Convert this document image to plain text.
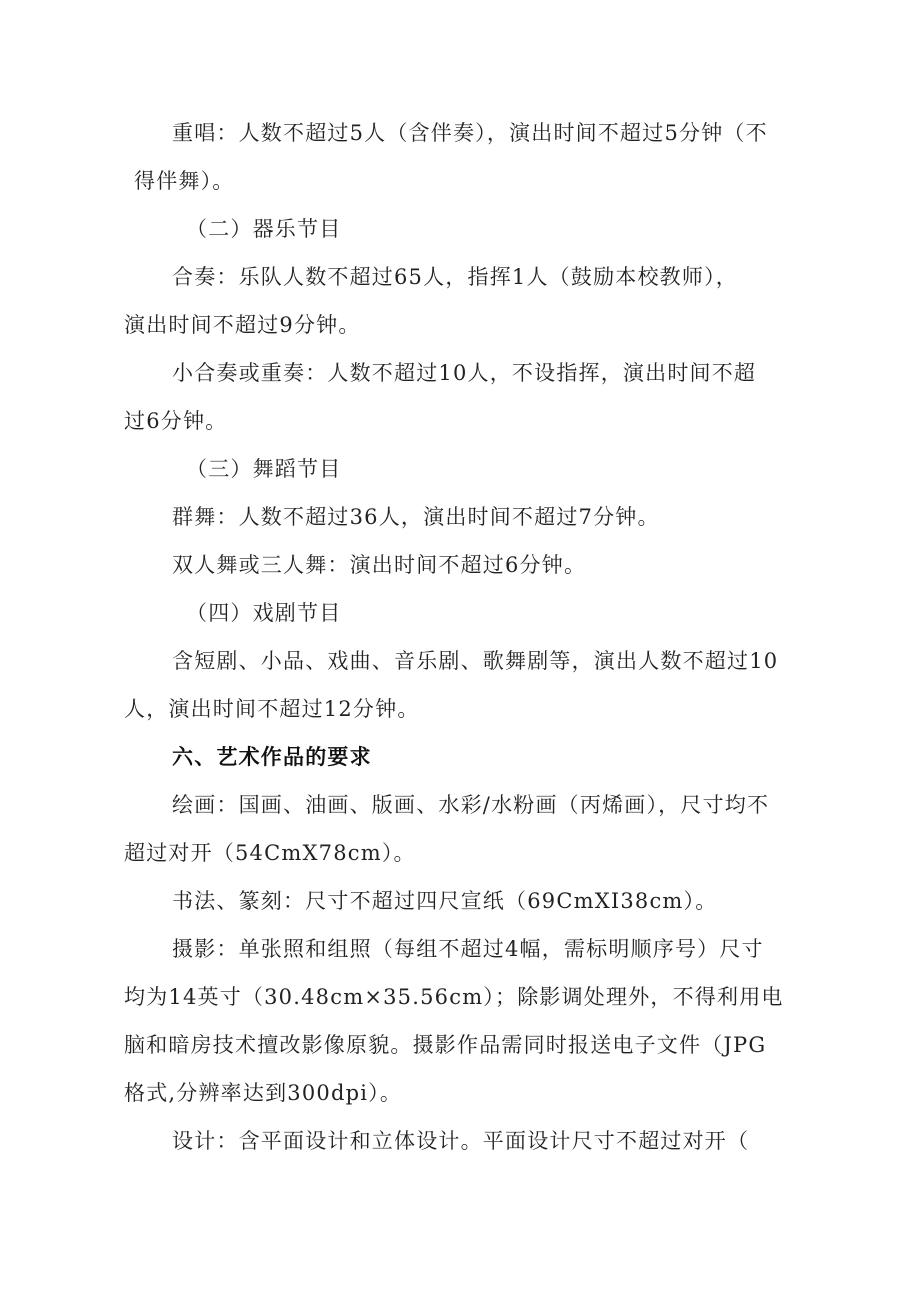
重唱：人数不超过5人（含伴奏），演出时间不超过5分钟（不
得伴舞）。
（二）器乐节目
合奏：乐队人数不超过65人，指挥1人（鼓励本校教师），
演出时间不超过9分钟。
小合奏或重奏：人数不超过10人，不设指挥，演出时间不超
过6分钟。
（三）舞蹈节目
群舞：人数不超过36人，演出时间不超过7分钟。
双人舞或三人舞：演出时间不超过6分钟。
（四）戏剧节目
含短剧、小品、戏曲、音乐剧、歌舞剧等，演出人数不超过10
人，演出时间不超过12分钟。
六、艺术作品的要求
绘画：国画、油画、版画、水彩/水粉画（丙烯画），尺寸均不
超过对开（54CmX78cm）。
书法、篆刻：尺寸不超过四尺宣纸（69CmXI38cm）。
摄影：单张照和组照（每组不超过4幅，需标明顺序号）尺寸
均为14英寸（30.48cm×35.56cm）；除影调处理外，不得利用电
脑和暗房技术擅改影像原貌。摄影作品需同时报送电子文件（JPG
格式,分辨率达到300dpi）。
设计：含平面设计和立体设计。平面设计尺寸不超过对开（
